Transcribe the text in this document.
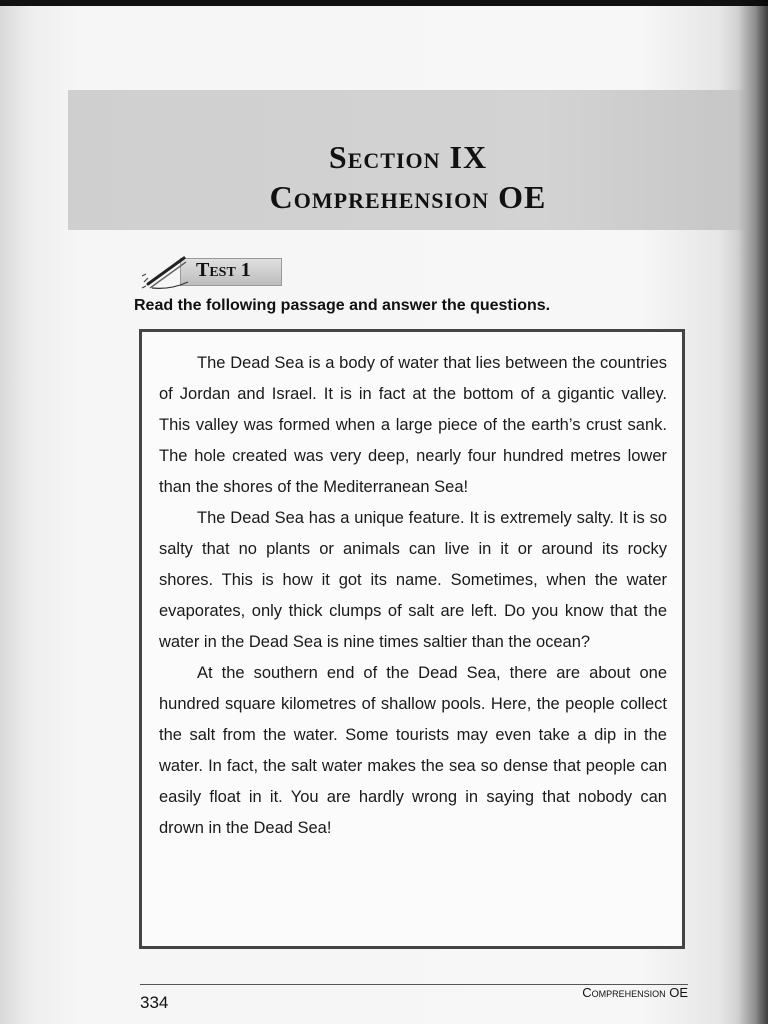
Section IX
Comprehension OE
Test 1
Read the following passage and answer the questions.

The Dead Sea is a body of water that lies between the countries of Jordan and Israel. It is in fact at the bottom of a gigantic valley. This valley was formed when a large piece of the earth’s crust sank. The hole created was very deep, nearly four hundred metres lower than the shores of the Mediterranean Sea!

The Dead Sea has a unique feature. It is extremely salty. It is so salty that no plants or animals can live in it or around its rocky shores. This is how it got its name. Sometimes, when the water evaporates, only thick clumps of salt are left. Do you know that the water in the Dead Sea is nine times saltier than the ocean?

At the southern end of the Dead Sea, there are about one hundred square kilometres of shallow pools. Here, the people collect the salt from the water. Some tourists may even take a dip in the water. In fact, the salt water makes the sea so dense that people can easily float in it. You are hardly wrong in saying that nobody can drown in the Dead Sea!

334
Comprehension OE
